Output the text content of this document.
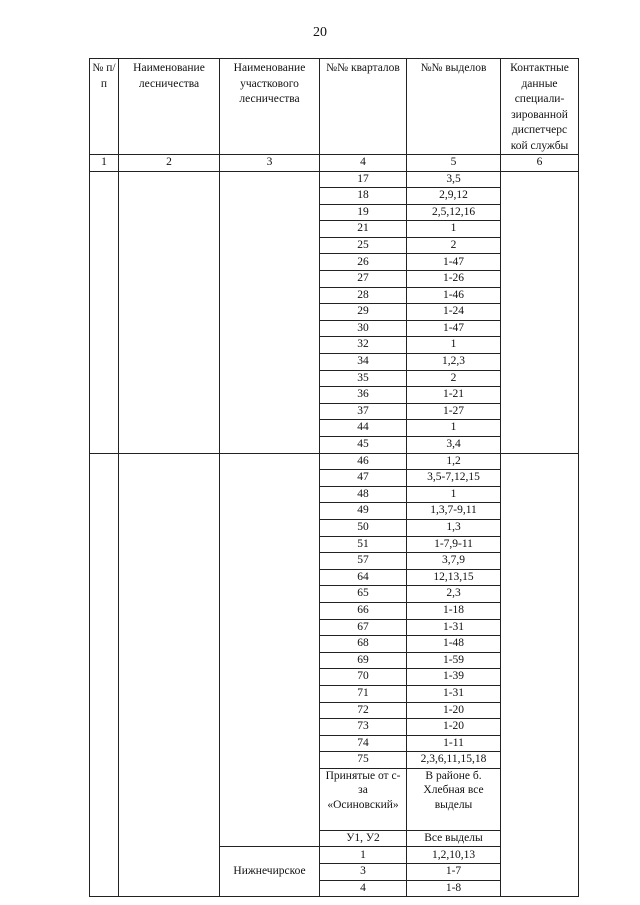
20
№ п/п	Наименование лесничества	Наименование участкового лесничества	№№ кварталов	№№ выделов	Контактные данные специали-зированной диспетчерс кой службы
1	2	3	4	5	6
			17	3,5	
			18	2,9,12	
			19	2,5,12,16	
			21	1	
			25	2	
			26	1-47	
			27	1-26	
			28	1-46	
			29	1-24	
			30	1-47	
			32	1	
			34	1,2,3	
			35	2	
			36	1-21	
			37	1-27	
			44	1	
			45	3,4	
			46	1,2	
			47	3,5-7,12,15	
			48	1	
			49	1,3,7-9,11	
			50	1,3	
			51	1-7,9-11	
			57	3,7,9	
			64	12,13,15	
			65	2,3	
			66	1-18	
			67	1-31	
			68	1-48	
			69	1-59	
			70	1-39	
			71	1-31	
			72	1-20	
			73	1-20	
			74	1-11	
			75	2,3,6,11,15,18	
			Принятые от с-за «Осиновский»	В районе б. Хлебная все выделы	
			У1, У2	Все выделы	
		Нижнечирское	1	1,2,10,13	
			3	1-7	
			4	1-8	
